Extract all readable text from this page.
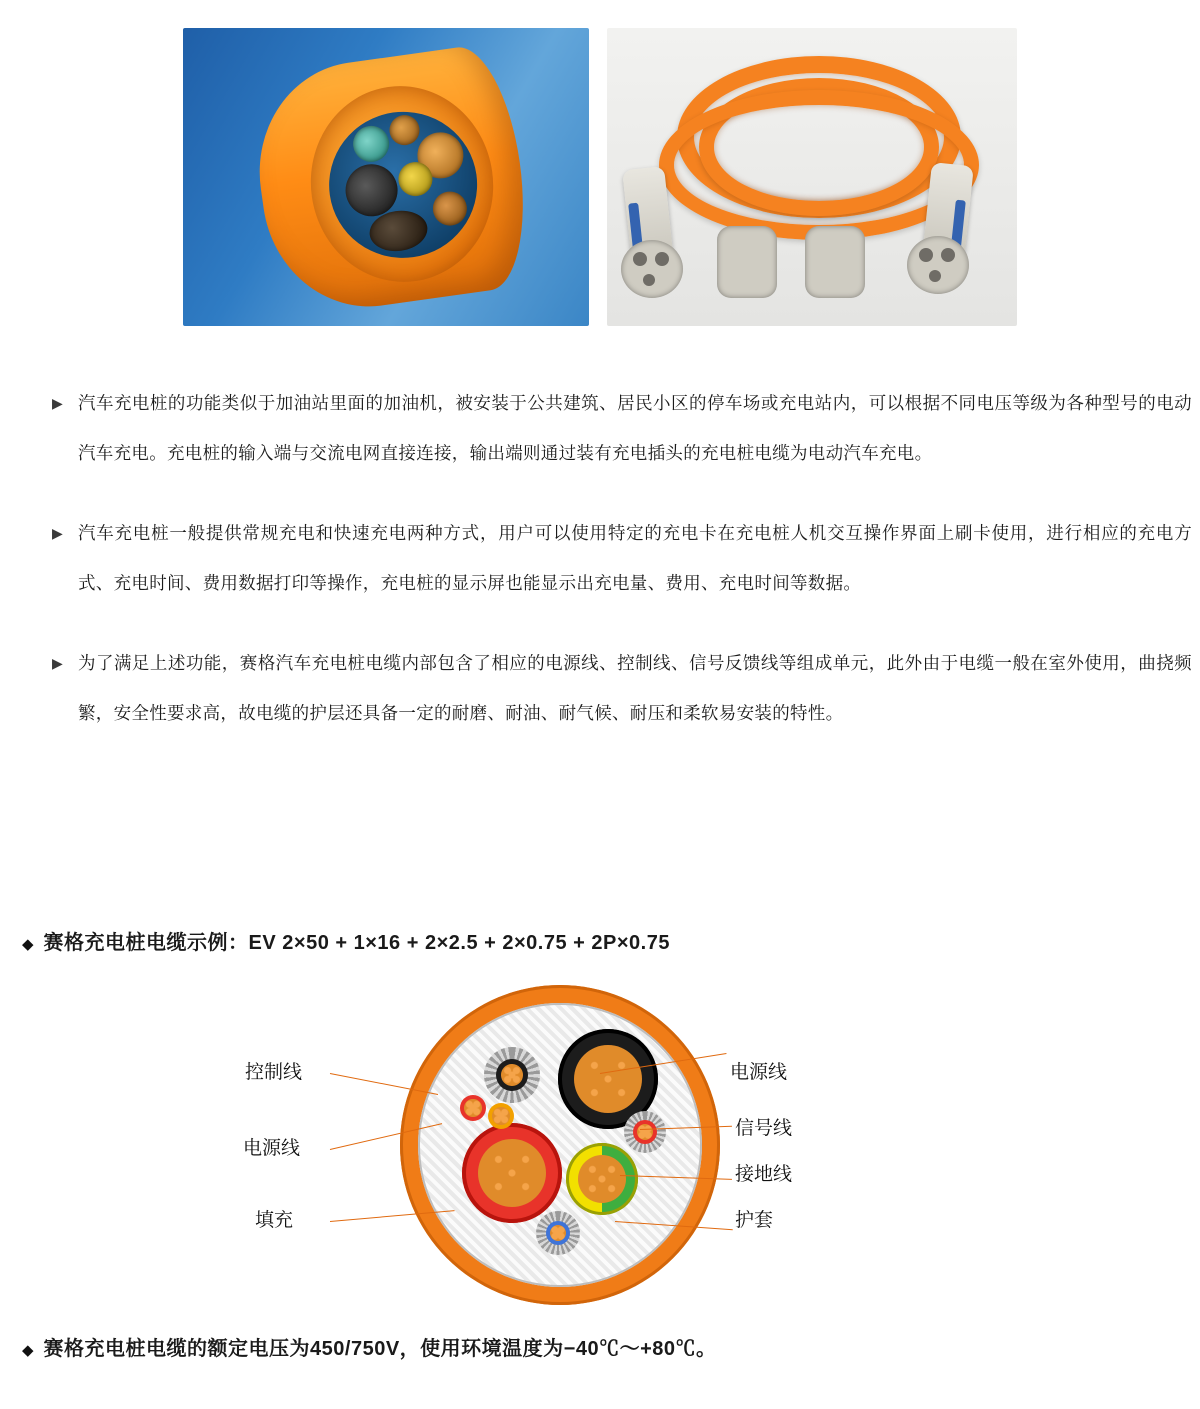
▶ 汽车充电桩的功能类似于加油站里面的加油机，被安装于公共建筑、居民小区的停车场或充电站内，可以根据不同电压等级为各种型号的电动汽车充电。充电桩的输入端与交流电网直接连接，输出端则通过装有充电插头的充电桩电缆为电动汽车充电。
▶ 汽车充电桩一般提供常规充电和快速充电两种方式，用户可以使用特定的充电卡在充电桩人机交互操作界面上刷卡使用，进行相应的充电方式、充电时间、费用数据打印等操作，充电桩的显示屏也能显示出充电量、费用、充电时间等数据。
▶ 为了满足上述功能，赛格汽车充电桩电缆内部包含了相应的电源线、控制线、信号反馈线等组成单元，此外由于电缆一般在室外使用，曲挠频繁，安全性要求高，故电缆的护层还具备一定的耐磨、耐油、耐气候、耐压和柔软易安装的特性。
◆ 赛格充电桩电缆示例：EV 2×50 + 1×16 + 2×2.5 + 2×0.75 + 2P×0.75
控制线
电源线
填充
电源线
信号线
接地线
护套
◆ 赛格充电桩电缆的额定电压为450/750V，使用环境温度为−40℃～+80℃。
